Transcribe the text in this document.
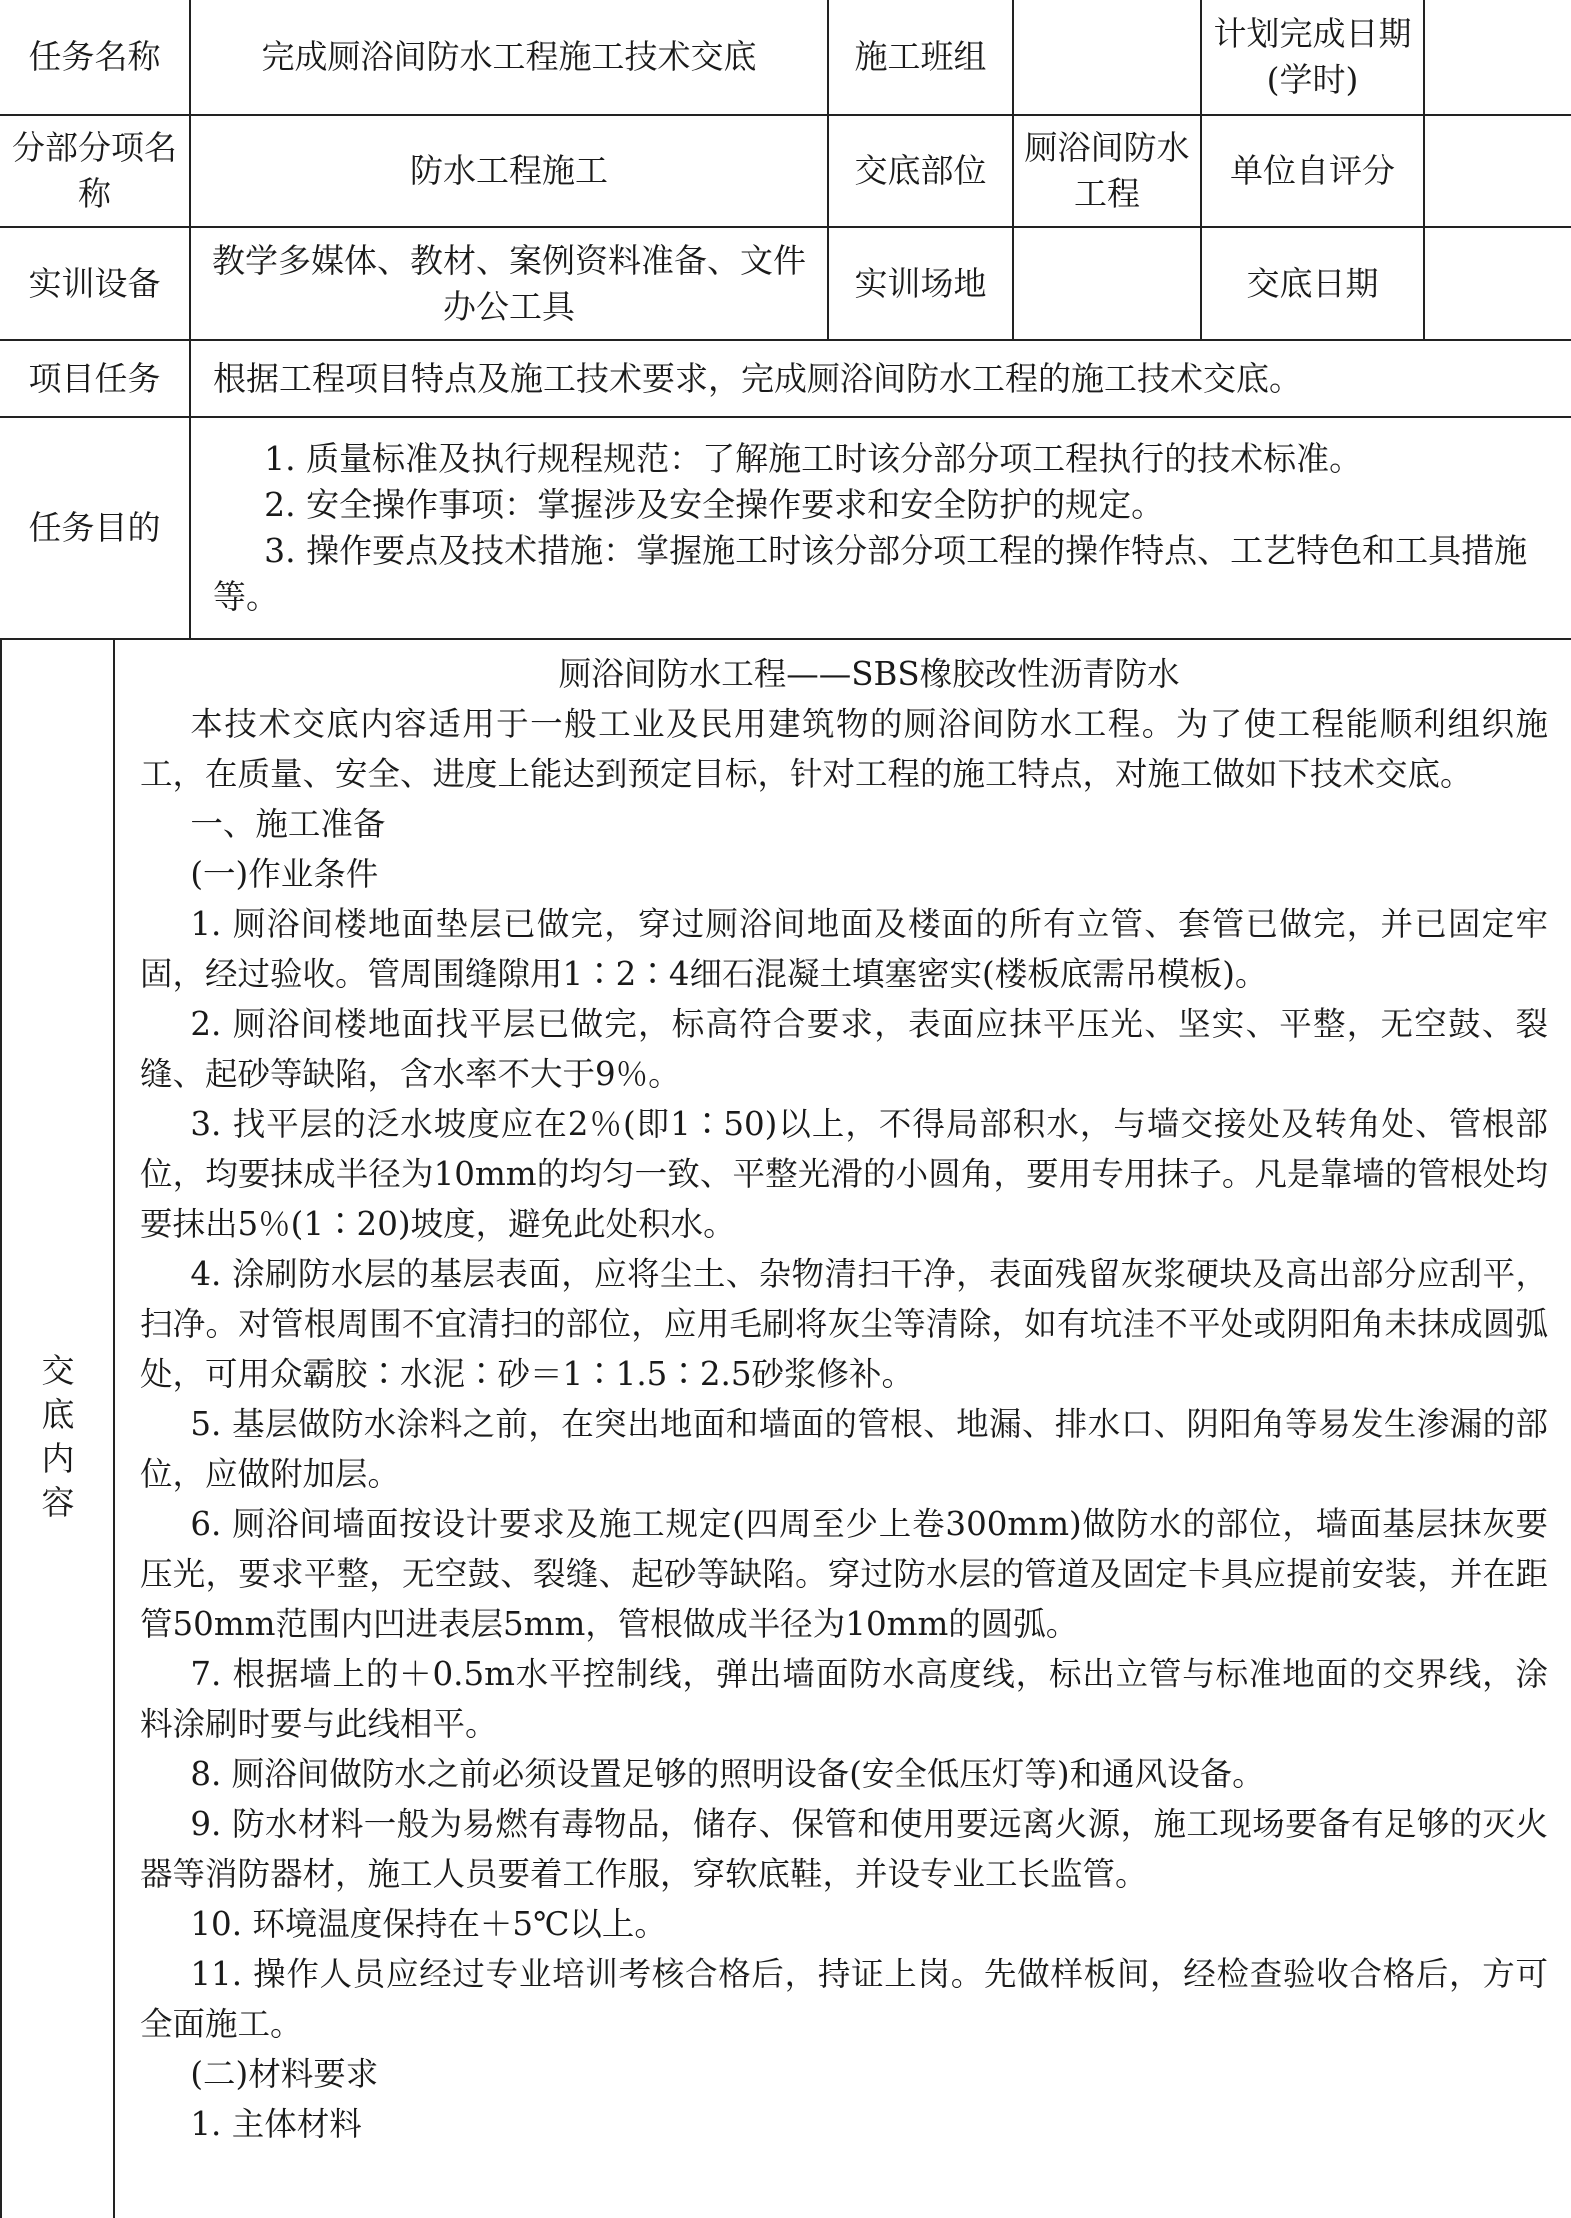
任务名称	完成厕浴间防水工程施工技术交底	施工班组		计划完成日期(学时)	
分部分项名称	防水工程施工	交底部位	厕浴间防水工程	单位自评分	
实训设备	教学多媒体、教材、案例资料准备、文件办公工具	实训场地		交底日期	
项目任务	根据工程项目特点及施工技术要求，完成厕浴间防水工程的施工技术交底。				
任务目的	1. 质量标准及执行规程规范：了解施工时该分部分项工程执行的技术标准。

2. 安全操作事项：掌握涉及安全操作要求和安全防护的规定。

3. 操作要点及技术措施：掌握施工时该分部分项工程的操作特点、工艺特色和工具措施等。				

交底内容

厕浴间防水工程——SBS橡胶改性沥青防水

本技术交底内容适用于一般工业及民用建筑物的厕浴间防水工程。为了使工程能顺利组织施工，在质量、安全、进度上能达到预定目标，针对工程的施工特点，对施工做如下技术交底。

一、施工准备

(一)作业条件

1. 厕浴间楼地面垫层已做完，穿过厕浴间地面及楼面的所有立管、套管已做完，并已固定牢固，经过验收。管周围缝隙用1∶2∶4细石混凝土填塞密实(楼板底需吊模板)。

2. 厕浴间楼地面找平层已做完，标高符合要求，表面应抹平压光、坚实、平整，无空鼓、裂缝、起砂等缺陷，含水率不大于9％。

3. 找平层的泛水坡度应在2％(即1∶50)以上，不得局部积水，与墙交接处及转角处、管根部位，均要抹成半径为10mm的均匀一致、平整光滑的小圆角，要用专用抹子。凡是靠墙的管根处均要抹出5％(1∶20)坡度，避免此处积水。

4. 涂刷防水层的基层表面，应将尘土、杂物清扫干净，表面残留灰浆硬块及高出部分应刮平，扫净。对管根周围不宜清扫的部位，应用毛刷将灰尘等清除，如有坑洼不平处或阴阳角未抹成圆弧处，可用众霸胶∶水泥∶砂＝1∶1.5∶2.5砂浆修补。

5. 基层做防水涂料之前，在突出地面和墙面的管根、地漏、排水口、阴阳角等易发生渗漏的部位，应做附加层。

6. 厕浴间墙面按设计要求及施工规定(四周至少上卷300mm)做防水的部位，墙面基层抹灰要压光，要求平整，无空鼓、裂缝、起砂等缺陷。穿过防水层的管道及固定卡具应提前安装，并在距管50mm范围内凹进表层5mm，管根做成半径为10mm的圆弧。

7. 根据墙上的＋0.5m水平控制线，弹出墙面防水高度线，标出立管与标准地面的交界线，涂料涂刷时要与此线相平。

8. 厕浴间做防水之前必须设置足够的照明设备(安全低压灯等)和通风设备。

9. 防水材料一般为易燃有毒物品，储存、保管和使用要远离火源，施工现场要备有足够的灭火器等消防器材，施工人员要着工作服，穿软底鞋，并设专业工长监管。

10. 环境温度保持在＋5℃以上。

11. 操作人员应经过专业培训考核合格后，持证上岗。先做样板间，经检查验收合格后，方可全面施工。

(二)材料要求

1. 主体材料
